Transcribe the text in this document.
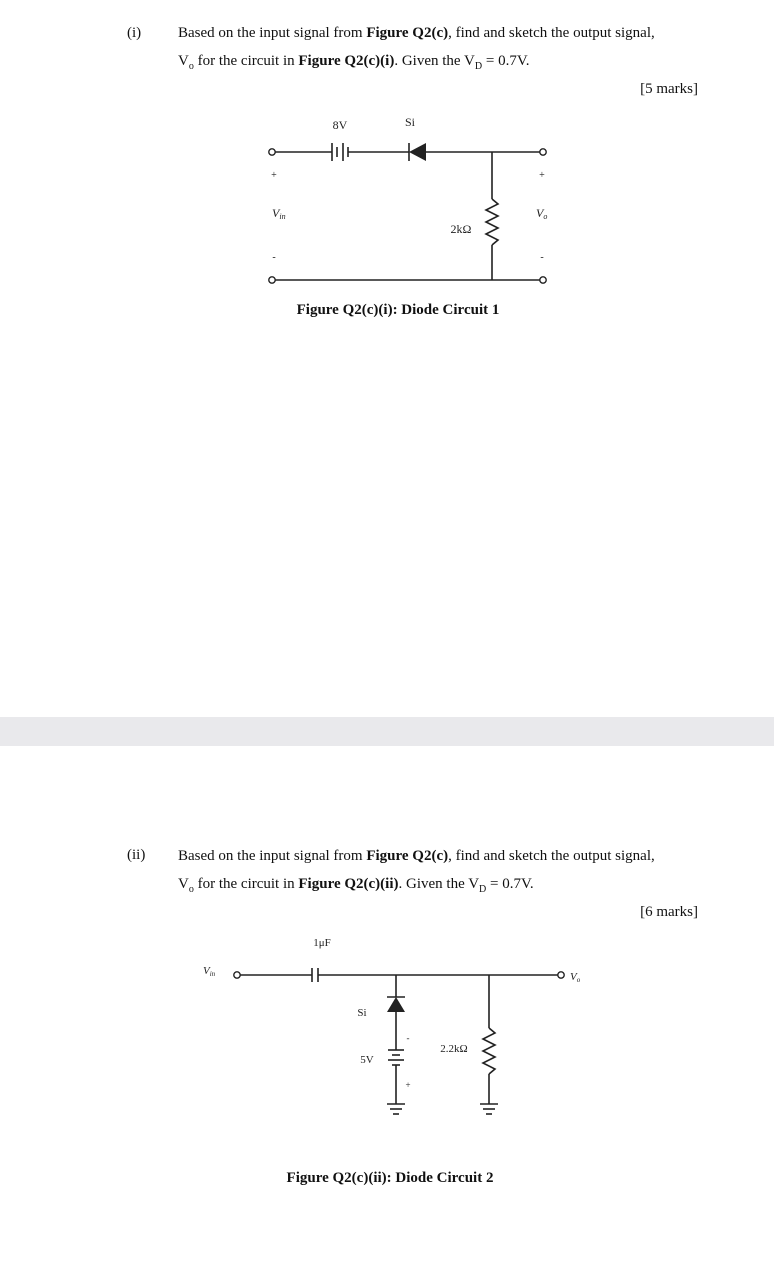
(i) Based on the input signal from Figure Q2(c), find and sketch the output signal,
$V_o$ for the circuit in Figure Q2(c)(i). Given the $V_D = 0.7V$.
[5 marks]
8V	Si
2kΩ
+	+
-	-
Vin	Vo
Figure Q2(c)(i): Diode Circuit 1
(ii) Based on the input signal from Figure Q2(c), find and sketch the output signal,
$V_o$ for the circuit in Figure Q2(c)(ii). Given the $V_D = 0.7V$.
[6 marks]
1μF
Si
5V
2.2kΩ
+
-
Vin	Vo
Figure Q2(c)(ii): Diode Circuit 2
